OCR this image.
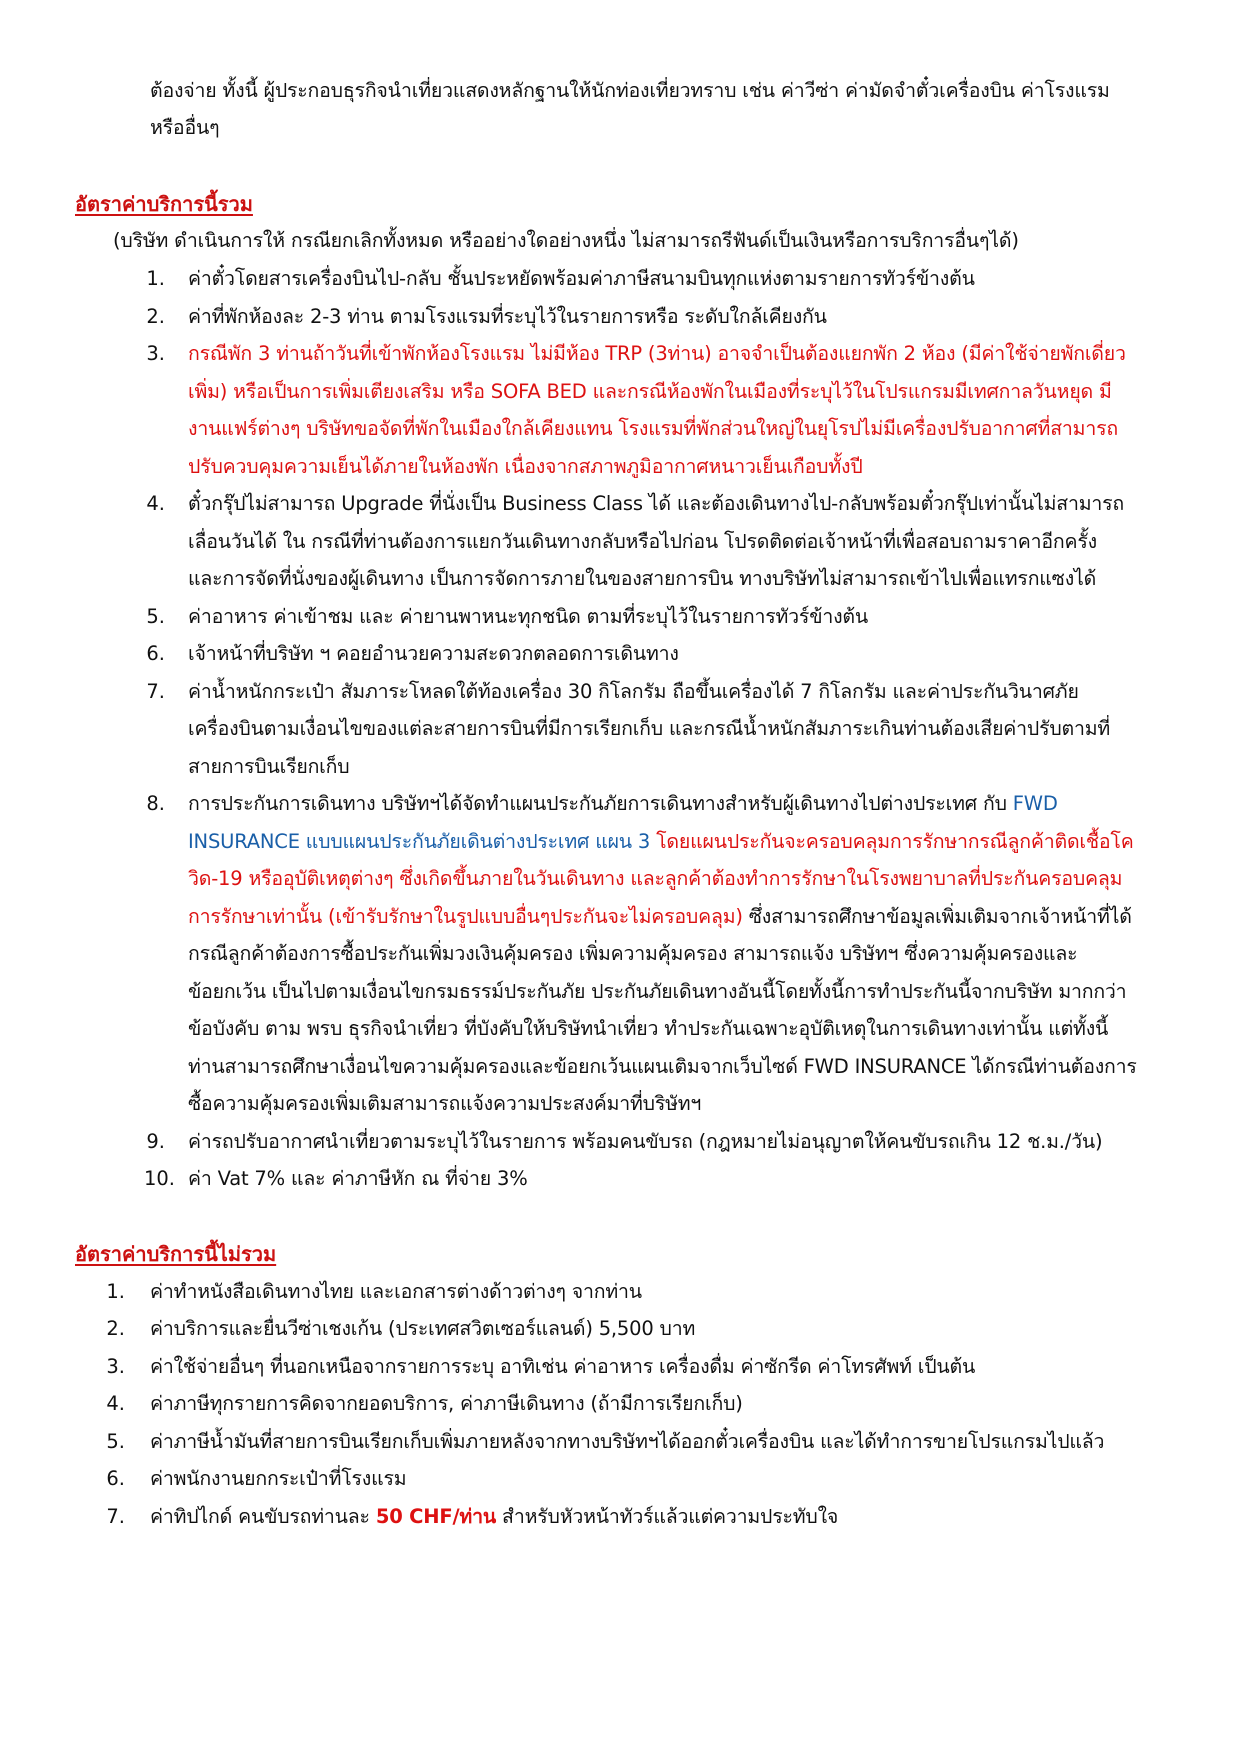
ต้องจ่าย ทั้งนี้ ผู้ประกอบธุรกิจนำเที่ยวแสดงหลักฐานให้นักท่องเที่ยวทราบ เช่น ค่าวีซ่า ค่ามัดจำตั๋วเครื่องบิน ค่าโรงแรม
หรืออื่นๆ
อัตราค่าบริการนี้รวม
(บริษัท ดำเนินการให้ กรณียกเลิกทั้งหมด หรืออย่างใดอย่างหนึ่ง ไม่สามารถรีฟันด์เป็นเงินหรือการบริการอื่นๆได้)
1. ค่าตั๋วโดยสารเครื่องบินไป-กลับ ชั้นประหยัดพร้อมค่าภาษีสนามบินทุกแห่งตามรายการทัวร์ข้างต้น
2. ค่าที่พักห้องละ 2-3 ท่าน ตามโรงแรมที่ระบุไว้ในรายการหรือ ระดับใกล้เคียงกัน
3. กรณีพัก 3 ท่านถ้าวันที่เข้าพักห้องโรงแรม ไม่มีห้อง TRP (3ท่าน) อาจจำเป็นต้องแยกพัก 2 ห้อง (มีค่าใช้จ่ายพักเดี่ยว
เพิ่ม) หรือเป็นการเพิ่มเตียงเสริม หรือ SOFA BED และกรณีห้องพักในเมืองที่ระบุไว้ในโปรแกรมมีเทศกาลวันหยุด มี
งานแฟร์ต่างๆ บริษัทขอจัดที่พักในเมืองใกล้เคียงแทน โรงแรมที่พักส่วนใหญ่ในยุโรปไม่มีเครื่องปรับอากาศที่สามารถ
ปรับควบคุมความเย็นได้ภายในห้องพัก เนื่องจากสภาพภูมิอากาศหนาวเย็นเกือบทั้งปี
4. ตั๋วกรุ๊ปไม่สามารถ Upgrade ที่นั่งเป็น Business Class ได้ และต้องเดินทางไป-กลับพร้อมตั๋วกรุ๊ปเท่านั้นไม่สามารถ
เลื่อนวันได้ ใน กรณีที่ท่านต้องการแยกวันเดินทางกลับหรือไปก่อน โปรดติดต่อเจ้าหน้าที่เพื่อสอบถามราคาอีกครั้ง
และการจัดที่นั่งของผู้เดินทาง เป็นการจัดการภายในของสายการบิน ทางบริษัทไม่สามารถเข้าไปเพื่อแทรกแซงได้
5. ค่าอาหาร ค่าเข้าชม และ ค่ายานพาหนะทุกชนิด ตามที่ระบุไว้ในรายการทัวร์ข้างต้น
6. เจ้าหน้าที่บริษัท ฯ คอยอำนวยความสะดวกตลอดการเดินทาง
7. ค่าน้ำหนักกระเป๋า สัมภาระโหลดใต้ท้องเครื่อง 30 กิโลกรัม ถือขึ้นเครื่องได้ 7 กิโลกรัม และค่าประกันวินาศภัย
เครื่องบินตามเงื่อนไขของแต่ละสายการบินที่มีการเรียกเก็บ และกรณีน้ำหนักสัมภาระเกินท่านต้องเสียค่าปรับตามที่
สายการบินเรียกเก็บ
8. การประกันการเดินทาง บริษัทฯได้จัดทำแผนประกันภัยการเดินทางสำหรับผู้เดินทางไปต่างประเทศ กับ FWD
INSURANCE แบบแผนประกันภัยเดินต่างประเทศ แผน 3 โดยแผนประกันจะครอบคลุมการรักษากรณีลูกค้าติดเชื้อโค
วิด-19 หรืออุบัติเหตุต่างๆ ซึ่งเกิดขึ้นภายในวันเดินทาง และลูกค้าต้องทำการรักษาในโรงพยาบาลที่ประกันครอบคลุม
การรักษาเท่านั้น (เข้ารับรักษาในรูปแบบอื่นๆประกันจะไม่ครอบคลุม) ซึ่งสามารถศึกษาข้อมูลเพิ่มเติมจากเจ้าหน้าที่ได้
กรณีลูกค้าต้องการซื้อประกันเพิ่มวงเงินคุ้มครอง เพิ่มความคุ้มครอง สามารถแจ้ง บริษัทฯ ซึ่งความคุ้มครองและ
ข้อยกเว้น เป็นไปตามเงื่อนไขกรมธรรม์ประกันภัย ประกันภัยเดินทางอันนี้โดยทั้งนี้การทำประกันนี้จากบริษัท มากกว่า
ข้อบังคับ ตาม พรบ ธุรกิจนำเที่ยว ที่บังคับให้บริษัทนำเที่ยว ทำประกันเฉพาะอุบัติเหตุในการเดินทางเท่านั้น แต่ทั้งนี้
ท่านสามารถศึกษาเงื่อนไขความคุ้มครองและข้อยกเว้นแผนเติมจากเว็บไซด์ FWD INSURANCE ได้กรณีท่านต้องการ
ซื้อความคุ้มครองเพิ่มเติมสามารถแจ้งความประสงค์มาที่บริษัทฯ
9. ค่ารถปรับอากาศนำเที่ยวตามระบุไว้ในรายการ พร้อมคนขับรถ (กฎหมายไม่อนุญาตให้คนขับรถเกิน 12 ช.ม./วัน)
10. ค่า Vat 7% และ ค่าภาษีหัก ณ ที่จ่าย 3%
อัตราค่าบริการนี้ไม่รวม
1. ค่าทำหนังสือเดินทางไทย และเอกสารต่างด้าวต่างๆ จากท่าน
2. ค่าบริการและยื่นวีซ่าเชงเก้น (ประเทศสวิตเซอร์แลนด์) 5,500 บาท
3. ค่าใช้จ่ายอื่นๆ ที่นอกเหนือจากรายการระบุ อาทิเช่น ค่าอาหาร เครื่องดื่ม ค่าซักรีด ค่าโทรศัพท์ เป็นต้น
4. ค่าภาษีทุกรายการคิดจากยอดบริการ, ค่าภาษีเดินทาง (ถ้ามีการเรียกเก็บ)
5. ค่าภาษีน้ำมันที่สายการบินเรียกเก็บเพิ่มภายหลังจากทางบริษัทฯได้ออกตั๋วเครื่องบิน และได้ทำการขายโปรแกรมไปแล้ว
6. ค่าพนักงานยกกระเป๋าที่โรงแรม
7. ค่าทิปไกด์ คนขับรถท่านละ 50 CHF/ท่าน สำหรับหัวหน้าทัวร์แล้วแต่ความประทับใจ
